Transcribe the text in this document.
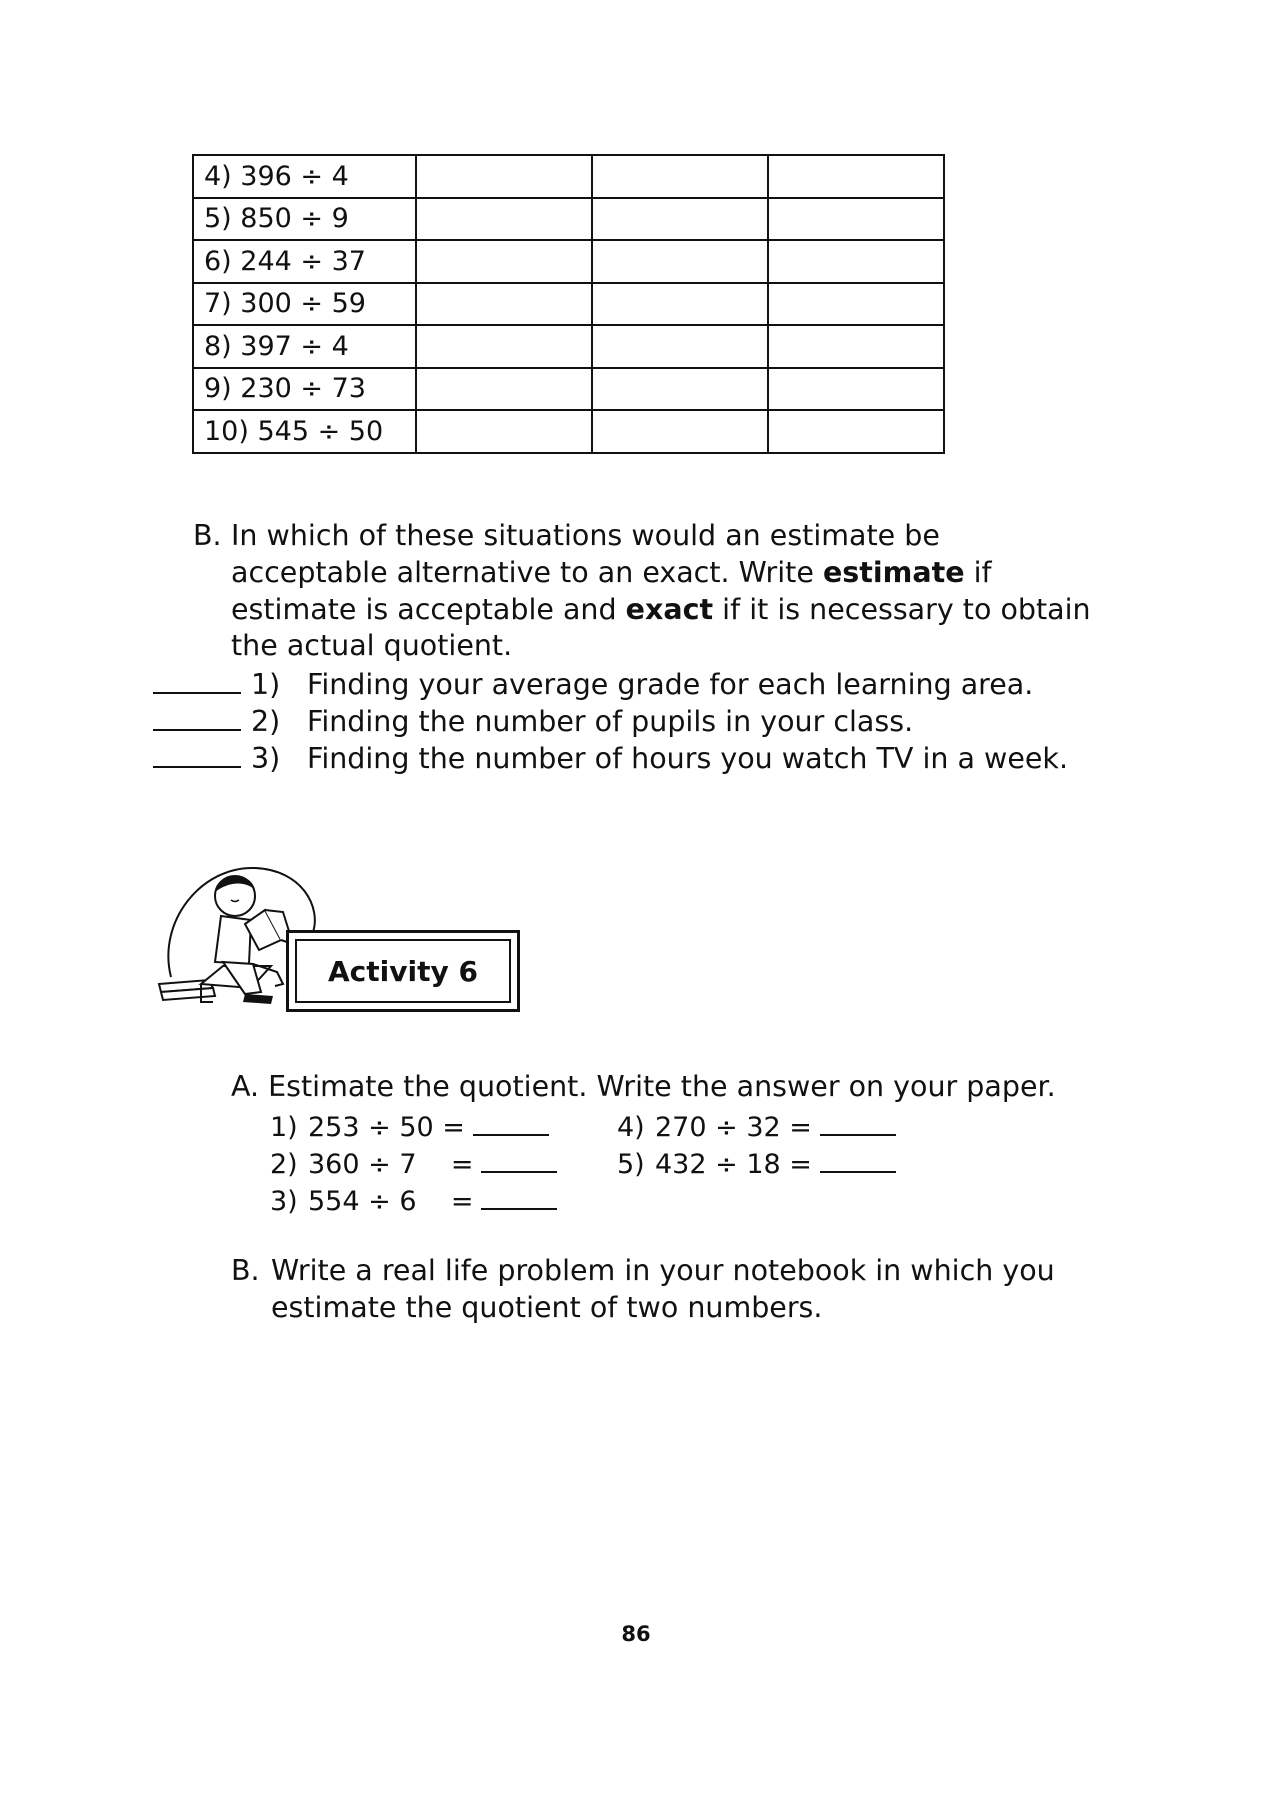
4) 396 ÷ 4			
5) 850 ÷ 9			
6) 244 ÷ 37			
7) 300 ÷ 59			
8) 397 ÷ 4			
9) 230 ÷ 73			
10) 545 ÷ 50			
B. In which of these situations would an estimate be
acceptable alternative to an exact. Write estimate if
estimate is acceptable and exact if it is necessary to obtain
the actual quotient.
1) Finding your average grade for each learning area.
2) Finding the number of pupils in your class.
3) Finding the number of hours you watch TV in a week.
Activity 6
A. Estimate the quotient. Write the answer on your paper.
1) 253 ÷ 50 =
2) 360 ÷ 7    =
3) 554 ÷ 6    =
4) 270 ÷ 32 =
5) 432 ÷ 18 =
B. Write a real life problem in your notebook in which you
estimate the quotient of two numbers.
86
